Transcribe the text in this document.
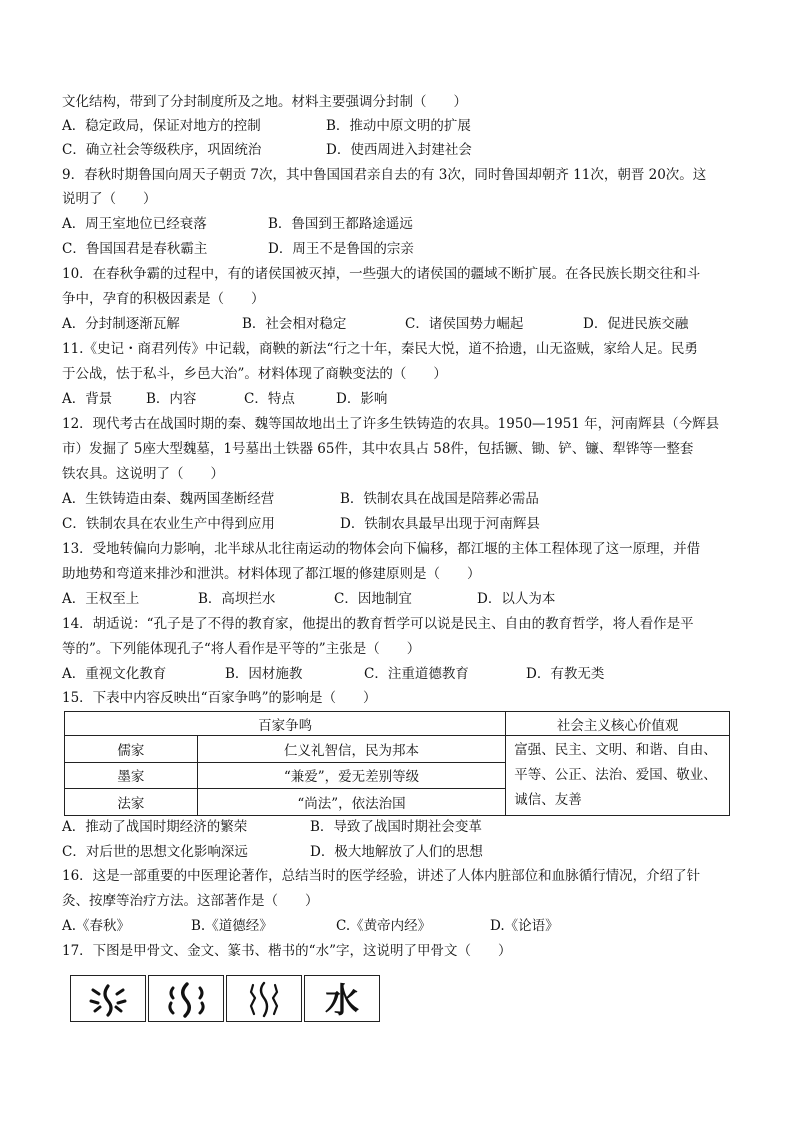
文化结构，带到了分封制度所及之地。材料主要强调分封制（　　）
A．稳定政局，保证对地方的控制	B．推动中原文明的扩展
C．确立社会等级秩序，巩固统治	D．使西周进入封建社会
9．春秋时期鲁国向周天子朝贡 7次，其中鲁国国君亲自去的有 3次，同时鲁国却朝齐 11次，朝晋 20次。这
说明了（　　）
A．周王室地位已经衰落	B．鲁国到王都路途遥远
C．鲁国国君是春秋霸主	D．周王不是鲁国的宗亲
10．在春秋争霸的过程中，有的诸侯国被灭掉，一些强大的诸侯国的疆域不断扩展。在各民族长期交往和斗
争中，孕育的积极因素是（　　）
A．分封制逐渐瓦解	B．社会相对稳定	C．诸侯国势力崛起	D．促进民族交融
11.《史记・商君列传》中记载，商鞅的新法“行之十年，秦民大悦，道不拾遗，山无盗贼，家给人足。民勇
于公战，怯于私斗，乡邑大治”。材料体现了商鞅变法的（　　）
A．背景	B．内容	C．特点	D．影响
12．现代考古在战国时期的秦、魏等国故地出土了许多生铁铸造的农具。1950—1951 年，河南辉县（今辉县
市）发掘了 5座大型魏墓，1号墓出土铁器 65件，其中农具占 58件，包括镢、锄、铲、镰、犁铧等一整套
铁农具。这说明了（　　）
A．生铁铸造由秦、魏两国垄断经营	B．铁制农具在战国是陪葬必需品
C．铁制农具在农业生产中得到应用	D．铁制农具最早出现于河南辉县
13．受地转偏向力影响，北半球从北往南运动的物体会向下偏移，都江堰的主体工程体现了这一原理，并借
助地势和弯道来排沙和泄洪。材料体现了都江堰的修建原则是（　　）
A．王权至上	B．高坝拦水	C．因地制宜	D．以人为本
14．胡适说：“孔子是了不得的教育家，他提出的教育哲学可以说是民主、自由的教育哲学，将人看作是平
等的”。下列能体现孔子“将人看作是平等的”主张是（　　）
A．重视文化教育	B．因材施教	C．注重道德教育	D．有教无类
15．下表中内容反映出“百家争鸣”的影响是（　　）
百家争鸣		社会主义核心价值观
儒家	仁义礼智信，民为邦本	富强、民主、文明、和谐、自由、平等、公正、法治、爱国、敬业、诚信、友善
墨家	“兼爱”，爱无差别等级	
法家	“尚法”，依法治国	
A．推动了战国时期经济的繁荣	B．导致了战国时期社会变革
C．对后世的思想文化影响深远	D．极大地解放了人们的思想
16．这是一部重要的中医理论著作，总结当时的医学经验，讲述了人体内脏部位和血脉循行情况，介绍了针
灸、按摩等治疗方法。这部著作是（　　）
A.《春秋》	B.《道德经》	C.《黄帝内经》	D.《论语》
17．下图是甲骨文、金文、篆书、楷书的“水”字，这说明了甲骨文（　　）
水
